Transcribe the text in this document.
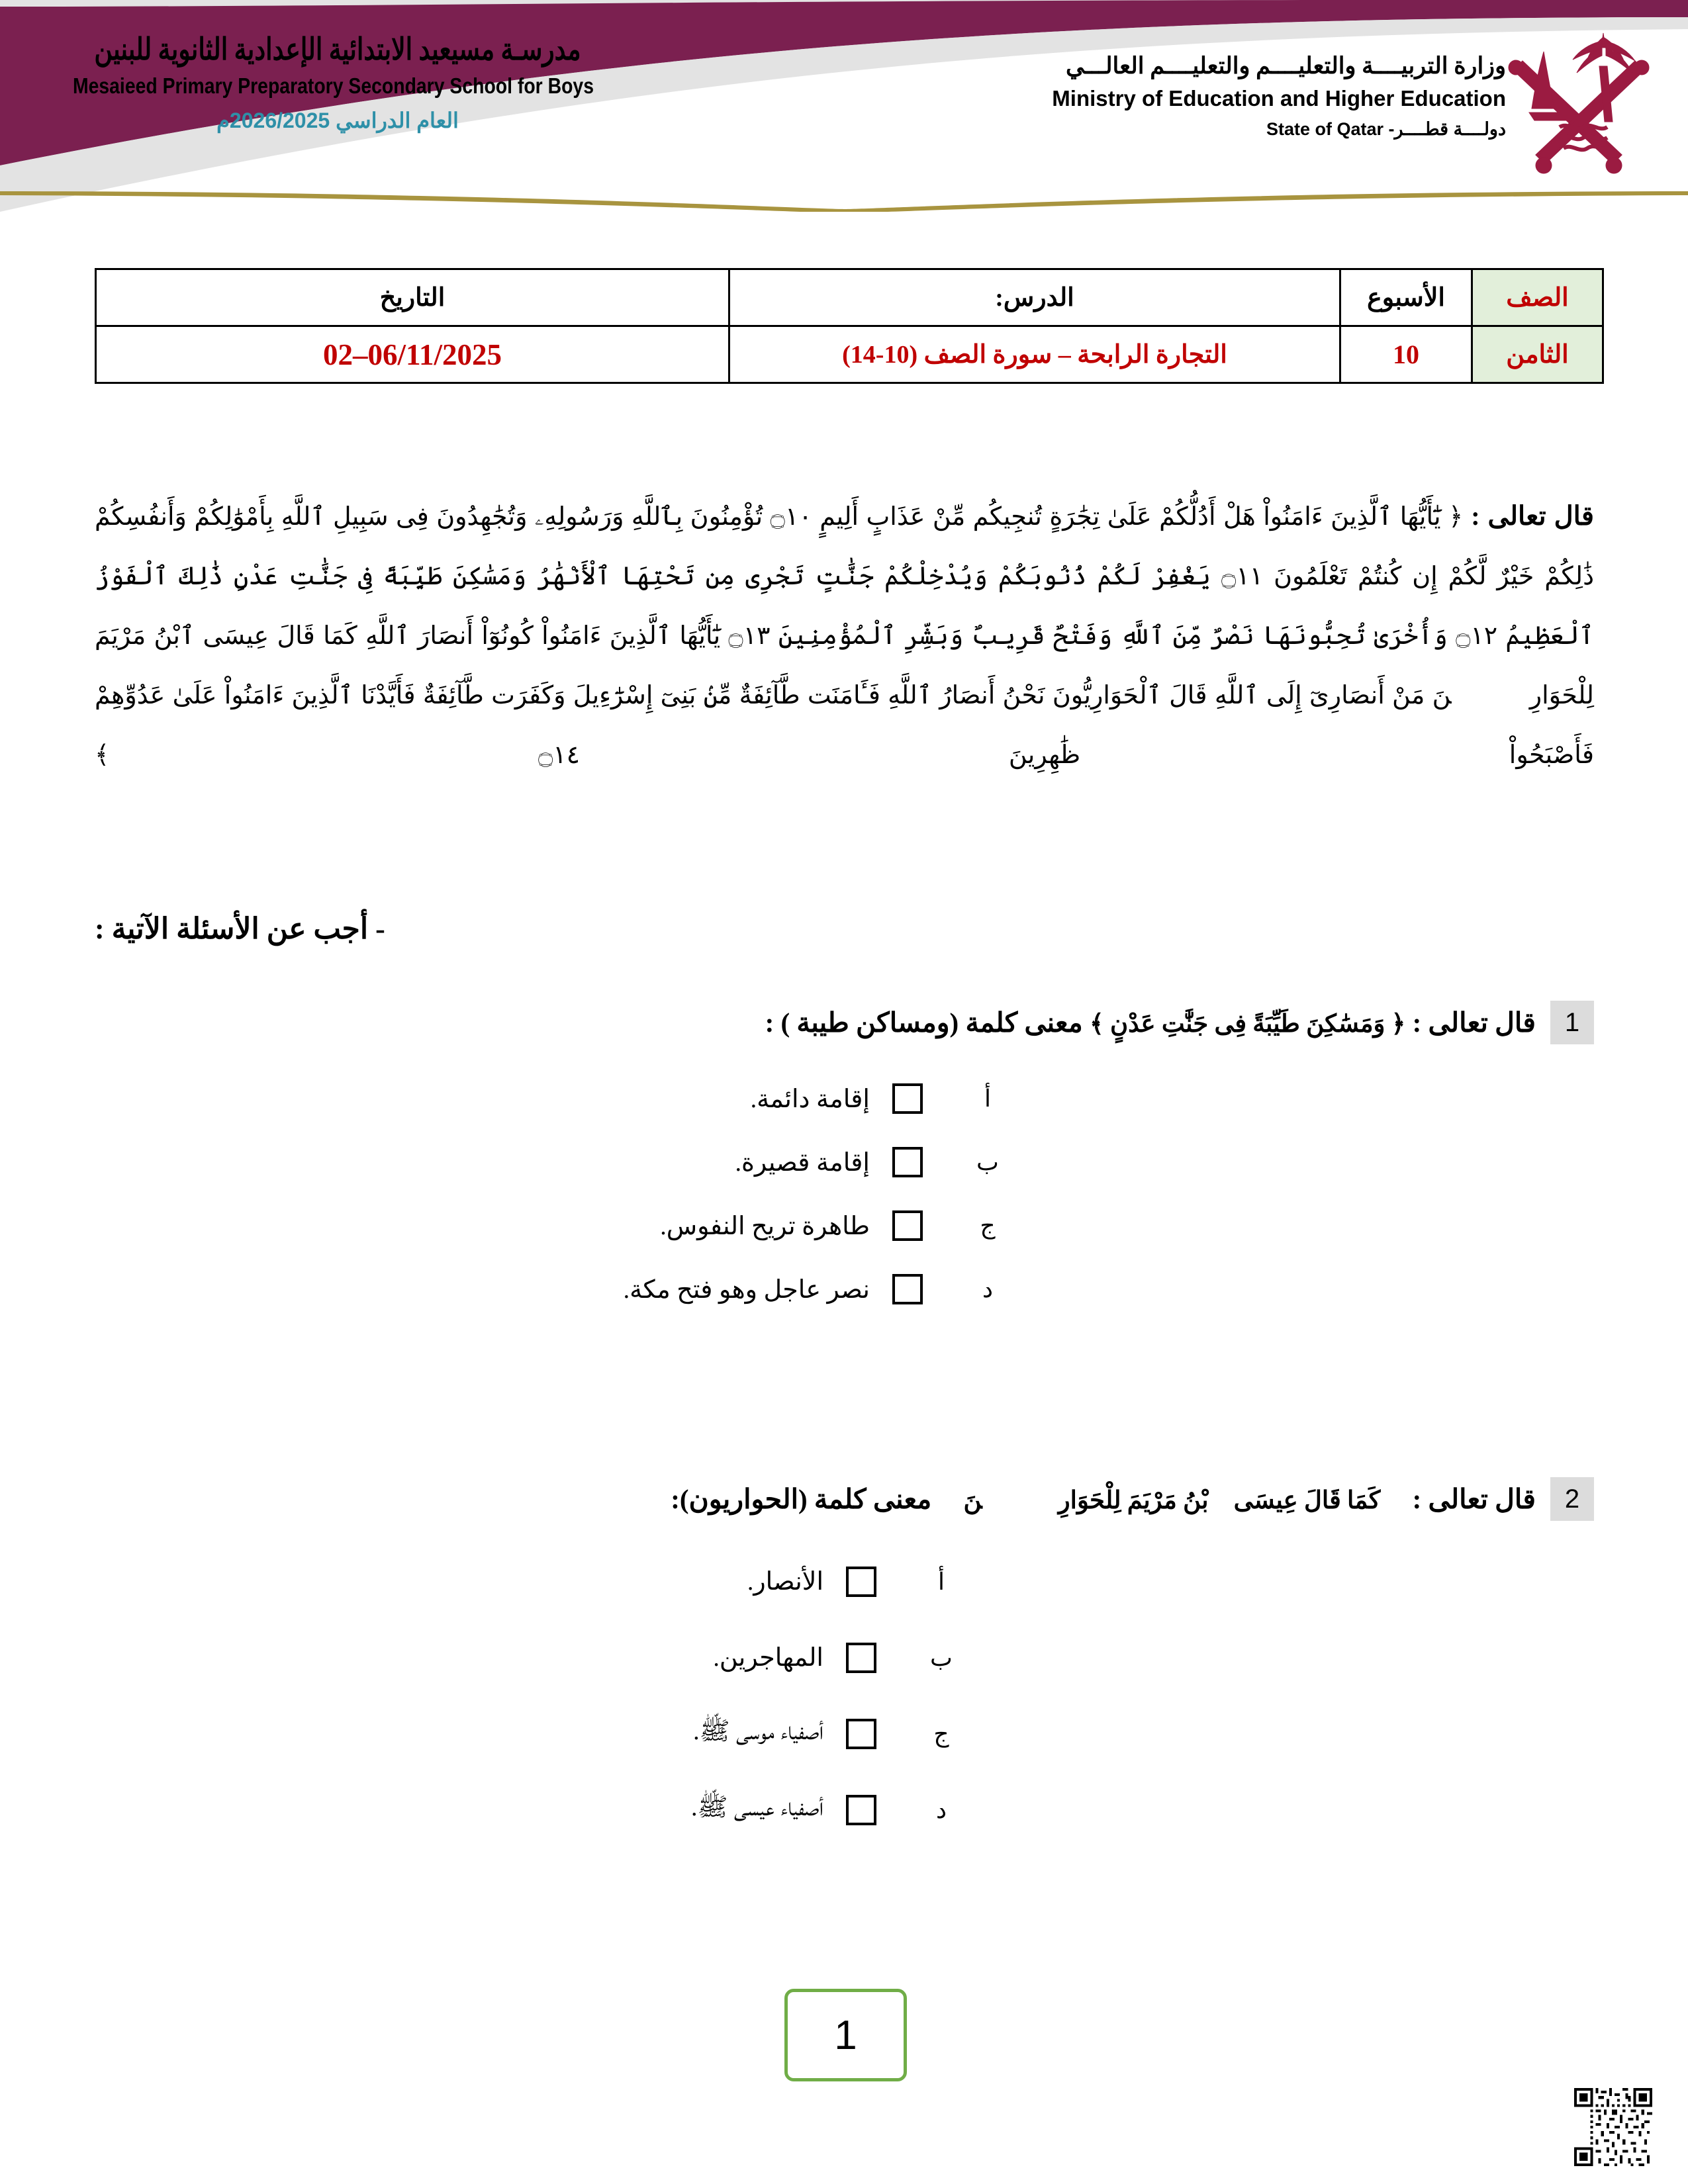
مدرسـة مسيعيد الابتدائية الإعدادية الثانوية للبنين
Mesaieed Primary Preparatory Secondary School for Boys
العام الدراسي 2026/2025م
وزارة التربيــــة والتعليــــم والتعليــــم العالـــي
Ministry of Education and Higher Education
دولــــة قطــــر- State of Qatar
الصف	الأسبوع	الدرس:	التاريخ
الثامن	10	التجارة الرابحة – سورة الصف (10-14)	02–06/11/2025
قال تعالى : ﴿ يَٰٓأَيُّهَا ٱلَّذِينَ ءَامَنُواْ هَلْ أَدُلُّكُمْ عَلَىٰ تِجَٰرَةٍ تُنجِيكُم مِّنْ عَذَابٍ أَلِيمٍ ۝١٠ تُؤْمِنُونَ بِٱللَّهِ وَرَسُولِهِۦ وَتُجَٰهِدُونَ فِى سَبِيلِ ٱللَّهِ بِأَمْوَٰلِكُمْ وَأَنفُسِكُمْ ذَٰلِكُمْ خَيْرٌ لَّكُمْ إِن كُنتُمْ تَعْلَمُونَ ۝١١ يَغْفِرْ لَكُمْ ذُنُوبَكُمْ وَيُدْخِلْكُمْ جَنَّٰتٍ تَجْرِى مِن تَحْتِهَا ٱلْأَنْهَٰرُ وَمَسَٰكِنَ طَيِّبَةً فِى جَنَّٰتِ عَدْنٍ ذَٰلِكَ ٱلْفَوْزُ ٱلْعَظِيمُ ۝١٢ وَأُخْرَىٰ تُحِبُّونَهَا نَصْرٌ مِّنَ ٱللَّهِ وَفَتْحٌ قَرِيبٌ وَبَشِّرِ ٱلْمُؤْمِنِينَ ۝١٣ يَٰٓأَيُّهَا ٱلَّذِينَ ءَامَنُواْ كُونُوٓاْ أَنصَارَ ٱللَّهِ كَمَا قَالَ عِيسَى ٱبْنُ مَرْيَمَ لِلْحَوَارِيِّۧنَ مَنْ أَنصَارِىٓ إِلَى ٱللَّهِ قَالَ ٱلْحَوَارِيُّونَ نَحْنُ أَنصَارُ ٱللَّهِ فَـَٔامَنَت طَّآئِفَةٌ مِّنۢ بَنِىٓ إِسْرَٰٓءِيلَ وَكَفَرَت طَّآئِفَةٌ فَأَيَّدْنَا ٱلَّذِينَ ءَامَنُواْ عَلَىٰ عَدُوِّهِمْ فَأَصْبَحُواْ ظَٰهِرِينَ ۝١٤ ﴾
- أجب عن الأسئلة الآتية :
1
قال تعالى : ﴿ وَمَسَٰكِنَ طَيِّبَةً فِى جَنَّٰتِ عَدْنٍ ﴾ معنى كلمة (ومساكن طيبة ) :
أ
إقامة دائمة.
ب
إقامة قصيرة.
ج
طاهرة تريح النفوس.
د
نصر عاجل وهو فتح مكة.
2
قال تعالى : ﴿ كَمَا قَالَ عِيسَى ٱبْنُ مَرْيَمَ لِلْحَوَارِيِّۧنَ ﴾ معنى كلمة (الحواريون):
أ
الأنصار.
ب
المهاجرين.
ج
أصفياء موسى ﷺ.
د
أصفياء عيسى ﷺ.
1
